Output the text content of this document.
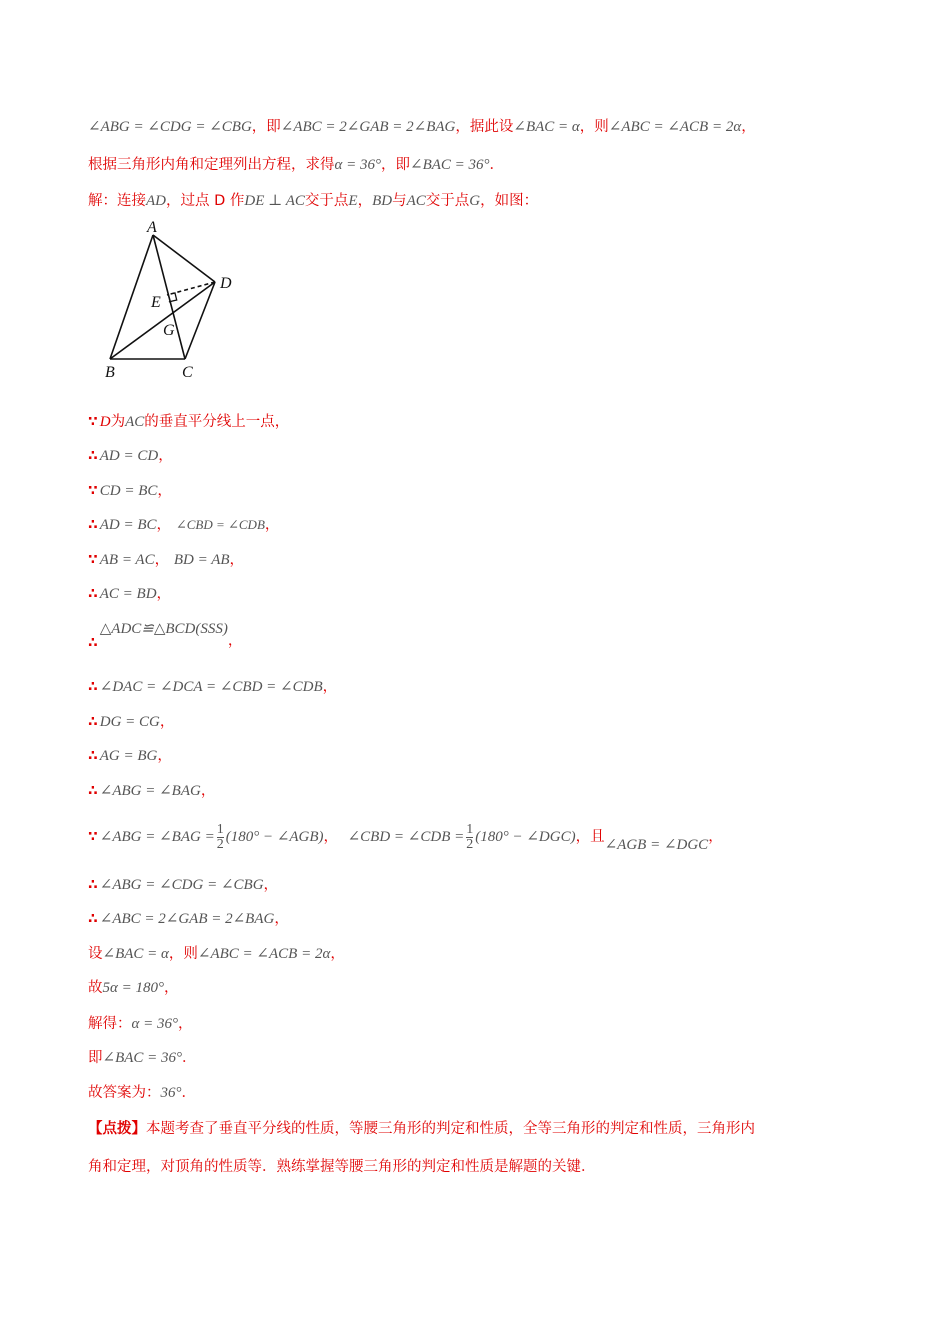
∠ABG = ∠CDG = ∠CBG，即∠ABC = 2∠GAB = 2∠BAG，据此设∠BAC = α，则∠ABC = ∠ACB = 2α，
根据三角形内角和定理列出方程，求得α = 36°，即∠BAC = 36°．
解：连接AD，过点 D 作DE ⊥ AC交于点E，BD与AC交于点G，如图：
A
B	C
D
E
G
∵ D为AC的垂直平分线上一点，
∴ AD = CD，
∵ CD = BC，
∴ AD = BC， ∠CBD = ∠CDB，
∵ AB = AC， BD = AB，
∴ AC = BD，
∴△ADC≌△BCD(SSS)，
∴ ∠DAC = ∠DCA = ∠CBD = ∠CDB，
∴ DG = CG，
∴ AG = BG，
∴ ∠ABG = ∠BAG，
∵ ∠ABG = ∠BAG = $\frac{1}{2} (180^\circ$ − ∠AGB)， ∠CBD = ∠CDB = $\frac{1}{2} (180^\circ$ − ∠DGC)，且∠AGB = ∠DGC，
∴ ∠ABG = ∠CDG = ∠CBG，
∴ ∠ABC = 2∠GAB = 2∠BAG，
设∠BAC = α，则∠ABC = ∠ACB = 2α，
故5α = 180°，
解得：α = 36°，
即∠BAC = 36°．
故答案为：36°．
【点拨】本题考查了垂直平分线的性质，等腰三角形的判定和性质，全等三角形的判定和性质，三角形内
角和定理，对顶角的性质等．熟练掌握等腰三角形的判定和性质是解题的关键．
